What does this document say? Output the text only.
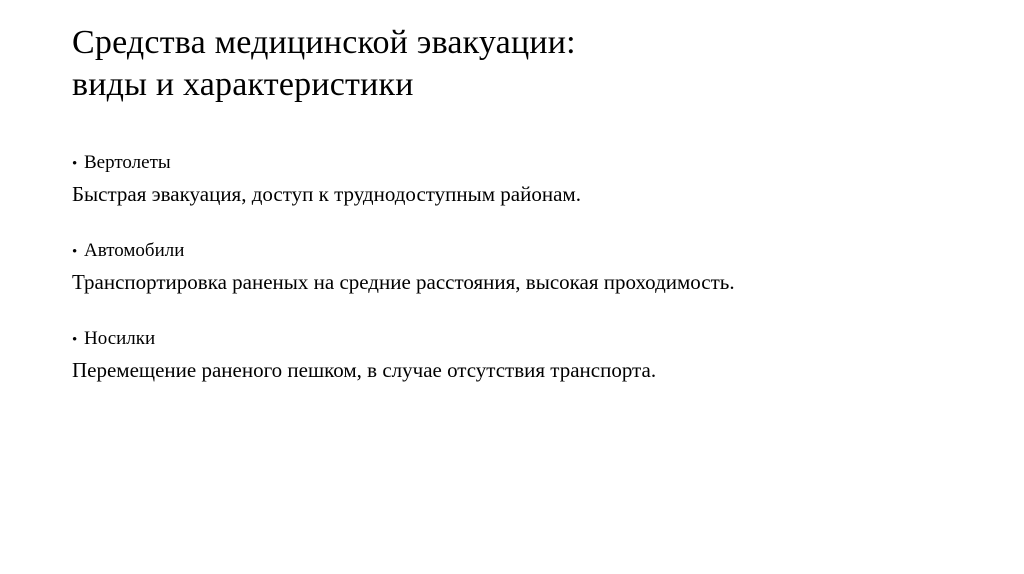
Средства медицинской эвакуации:
виды и характеристики
• Вертолеты
Быстрая эвакуация, доступ к труднодоступным районам.
• Автомобили
Транспортировка раненых на средние расстояния, высокая проходимость.
• Носилки
Перемещение раненого пешком, в случае отсутствия транспорта.
